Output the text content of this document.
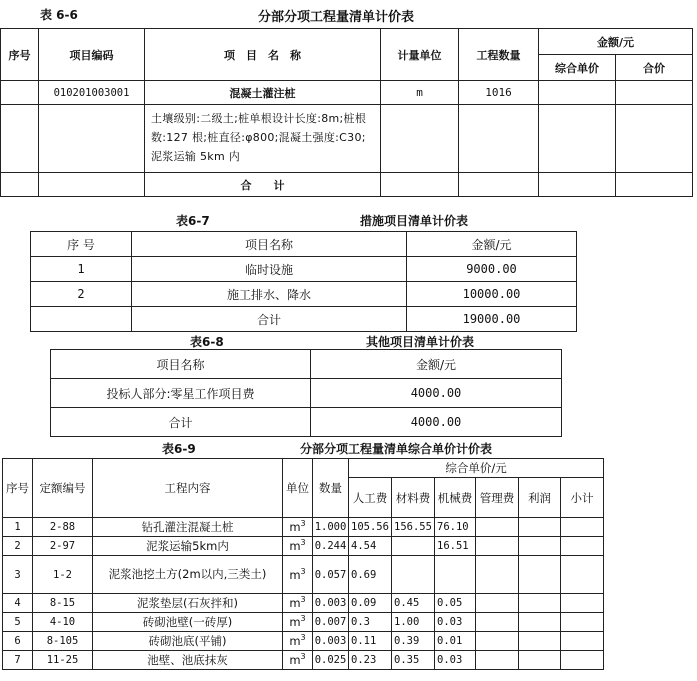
表 6-6	分部分项工程量清单计价表
序号	项目编码	项　目　名　称	计量单位	工程数量	金额/元	
					综合单价	合价
	010201003001	混凝土灌注桩	m	1016		
		土壤级别:二级土;桩单根设计长度:8m;桩根数:127 根;桩直径:φ800;混凝土强度:C30;泥浆运输 5km 内				
		合　　计				
表6-7	措施项目清单计价表
序 号	项目名称	金额/元
1	临时设施	9000.00
2	施工排水、降水	10000.00
	合计	19000.00
表6-8	其他项目清单计价表
项目名称	金额/元
投标人部分:零星工作项目费	4000.00
合计	4000.00
表6-9	分部分项工程量清单综合单价计价表
序号	定额编号	工程内容	单位	数量	综合单价/元					
					人工费	材料费	机械费	管理费	利润	小计
1	2-88	钻孔灌注混凝土桩	$m^3$	1.000	105.56	156.55	76.10			
2	2-97	泥浆运输5km内	$m^3$	0.244	4.54		16.51			
3	1-2	泥浆池挖土方(2m以内,三类土)	$m^3$	0.057	0.69					
4	8-15	泥浆垫层(石灰拌和)	$m^3$	0.003	0.09	0.45	0.05			
5	4-10	砖砌池壁(一砖厚)	$m^3$	0.007	0.3	1.00	0.03			
6	8-105	砖砌池底(平铺)	$m^3$	0.003	0.11	0.39	0.01			
7	11-25	池壁、池底抹灰	$m^3$	0.025	0.23	0.35	0.03			
